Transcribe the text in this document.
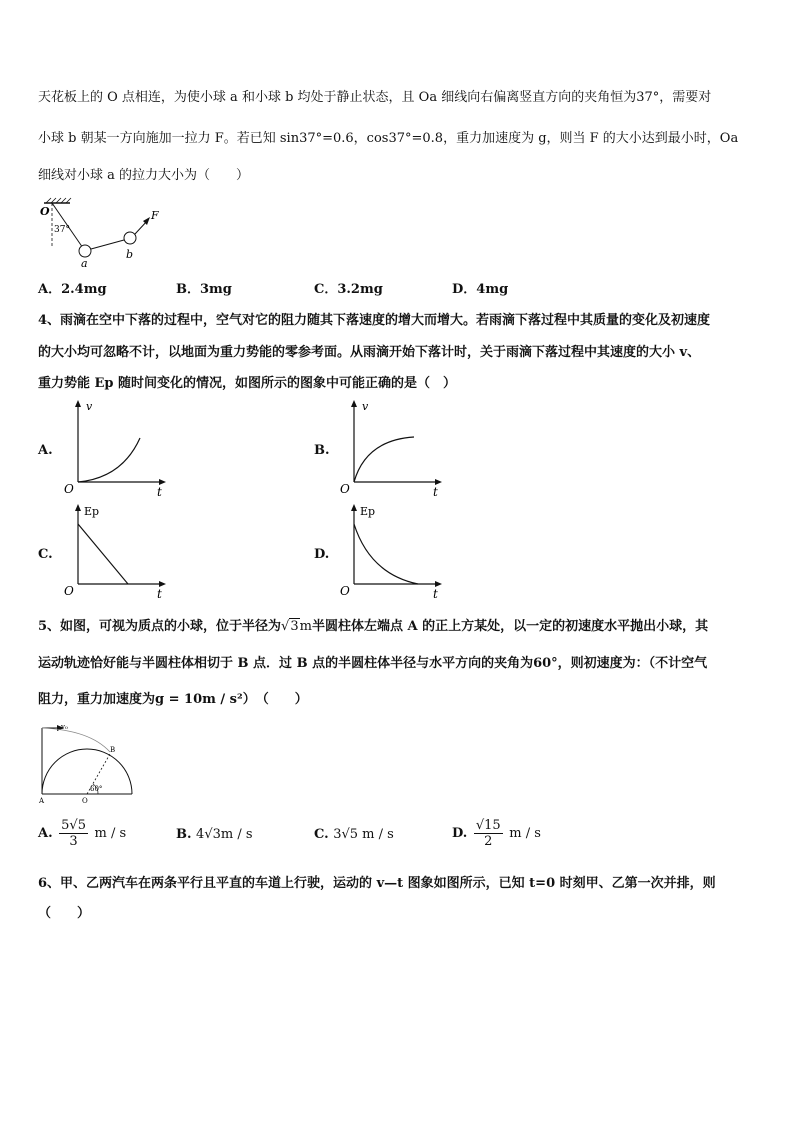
天花板上的 O 点相连，为使小球 a 和小球 b 均处于静止状态，且 Oa 细线向右偏离竖直方向的夹角恒为37°，需要对
小球 b 朝某一方向施加一拉力 F。若已知 sin37°=0.6，cos37°=0.8，重力加速度为 g，则当 F 的大小达到最小时，Oa
细线对小球 a 的拉力大小为（　　）
O
37°
a
b
F
A．2.4mg	B．3mg	C．3.2mg	D．4mg
4、雨滴在空中下落的过程中，空气对它的阻力随其下落速度的增大而增大。若雨滴下落过程中其质量的变化及初速度
的大小均可忽略不计，以地面为重力势能的零参考面。从雨滴开始下落计时，关于雨滴下落过程中其速度的大小 v、
重力势能 Ep 随时间变化的情况，如图所示的图象中可能正确的是（　）
A.	B.
C.	D.
v
O	t
v
O	t
Ep
O	t
Ep
O	t
5、如图，可视为质点的小球，位于半径为√3m半圆柱体左端点 A 的正上方某处，以一定的初速度水平抛出小球，其
运动轨迹恰好能与半圆柱体相切于 B 点．过 B 点的半圆柱体半径与水平方向的夹角为60°，则初速度为：（不计空气
阻力，重力加速度为g = 10m / s²）　（　　）
v₀
B
A	O
60°
A. $\frac{5√5}{3}$ m / s	B. 4√3m / s	C. 3√5 m / s	D. $\frac{√15}{2}$ m / s
6、甲、乙两汽车在两条平行且平直的车道上行驶，运动的 v—t 图象如图所示，已知 t=0 时刻甲、乙第一次并排，则
（　　）
